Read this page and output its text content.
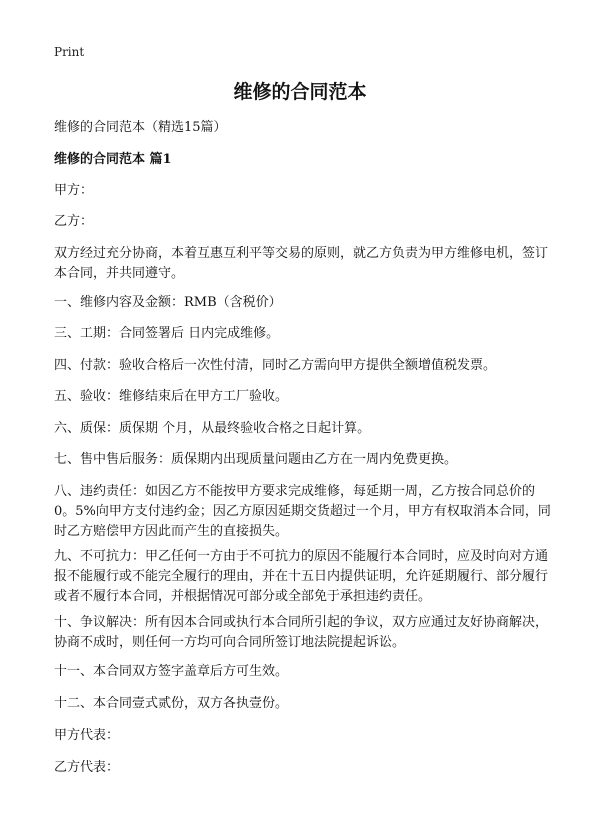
Print
维修的合同范本

维修的合同范本（精选15篇）

维修的合同范本 篇1

甲方：

乙方：

双方经过充分协商，本着互惠互利平等交易的原则，就乙方负责为甲方维修电机，签订本合同，并共同遵守。

一、维修内容及金额：RMB（含税价）

三、工期：合同签署后 日内完成维修。

四、付款：验收合格后一次性付清，同时乙方需向甲方提供全额增值税发票。

五、验收：维修结束后在甲方工厂验收。

六、质保：质保期 个月，从最终验收合格之日起计算。

七、售中售后服务：质保期内出现质量问题由乙方在一周内免费更换。

八、违约责任：如因乙方不能按甲方要求完成维修，每延期一周，乙方按合同总价的0。5%向甲方支付违约金；因乙方原因延期交货超过一个月，甲方有权取消本合同，同时乙方赔偿甲方因此而产生的直接损失。

九、不可抗力：甲乙任何一方由于不可抗力的原因不能履行本合同时，应及时向对方通报不能履行或不能完全履行的理由，并在十五日内提供证明，允许延期履行、部分履行或者不履行本合同，并根据情况可部分或全部免于承担违约责任。

十、争议解决：所有因本合同或执行本合同所引起的争议，双方应通过友好协商解决，协商不成时，则任何一方均可向合同所签订地法院提起诉讼。

十一、本合同双方签字盖章后方可生效。

十二、本合同壹式贰份，双方各执壹份。

甲方代表：

乙方代表：
